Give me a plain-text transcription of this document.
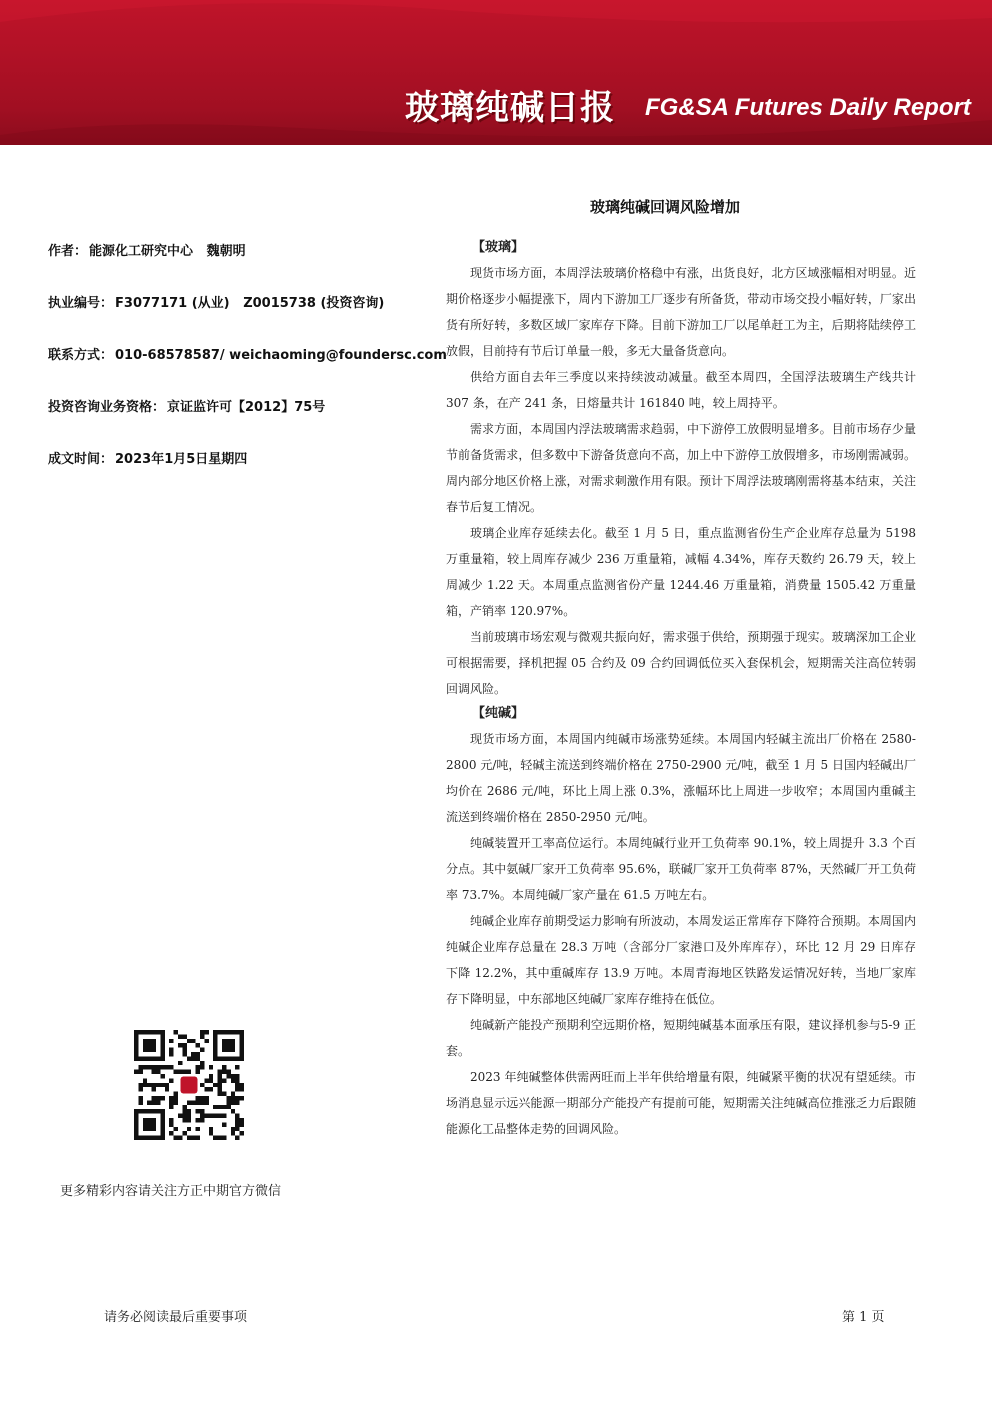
玻璃纯碱日报 FG&SA Futures Daily Report
玻璃纯碱回调风险增加
作者： 能源化工研究中心   魏朝明
执业编号： F3077171 (从业)   Z0015738 (投资咨询)
联系方式： 010-68578587/ weichaoming@foundersc.com
投资咨询业务资格： 京证监许可【2012】75号
成文时间： 2023年1月5日星期四
更多精彩内容请关注方正中期官方微信
【玻璃】

现货市场方面，本周浮法玻璃价格稳中有涨，出货良好，北方区域涨幅相对明显。近期价格逐步小幅提涨下，周内下游加工厂逐步有所备货，带动市场交投小幅好转，厂家出货有所好转，多数区域厂家库存下降。目前下游加工厂以尾单赶工为主，后期将陆续停工放假，目前持有节后订单量一般，多无大量备货意向。

供给方面自去年三季度以来持续波动减量。截至本周四，全国浮法玻璃生产线共计 307 条，在产 241 条，日熔量共计 161840 吨，较上周持平。

需求方面，本周国内浮法玻璃需求趋弱，中下游停工放假明显增多。目前市场存少量节前备货需求，但多数中下游备货意向不高，加上中下游停工放假增多，市场刚需减弱。周内部分地区价格上涨，对需求刺激作用有限。预计下周浮法玻璃刚需将基本结束，关注春节后复工情况。

玻璃企业库存延续去化。截至 1 月 5 日，重点监测省份生产企业库存总量为 5198 万重量箱，较上周库存减少 236 万重量箱，减幅 4.34%，库存天数约 26.79 天，较上周减少 1.22 天。本周重点监测省份产量 1244.46 万重量箱，消费量 1505.42 万重量箱，产销率 120.97%。

当前玻璃市场宏观与微观共振向好，需求强于供给，预期强于现实。玻璃深加工企业可根据需要，择机把握 05 合约及 09 合约回调低位买入套保机会，短期需关注高位转弱回调风险。

【纯碱】

现货市场方面，本周国内纯碱市场涨势延续。本周国内轻碱主流出厂价格在 2580-2800 元/吨，轻碱主流送到终端价格在 2750-2900 元/吨，截至 1 月 5 日国内轻碱出厂均价在 2686 元/吨，环比上周上涨 0.3%，涨幅环比上周进一步收窄；本周国内重碱主流送到终端价格在 2850-2950 元/吨。

纯碱装置开工率高位运行。本周纯碱行业开工负荷率 90.1%，较上周提升 3.3 个百分点。其中氨碱厂家开工负荷率 95.6%，联碱厂家开工负荷率 87%，天然碱厂开工负荷率 73.7%。本周纯碱厂家产量在 61.5 万吨左右。

纯碱企业库存前期受运力影响有所波动，本周发运正常库存下降符合预期。本周国内纯碱企业库存总量在 28.3 万吨（含部分厂家港口及外库库存），环比 12 月 29 日库存下降 12.2%，其中重碱库存 13.9 万吨。本周青海地区铁路发运情况好转，当地厂家库存下降明显，中东部地区纯碱厂家库存维持在低位。

纯碱新产能投产预期利空远期价格，短期纯碱基本面承压有限，建议择机参与5-9 正套。

2023 年纯碱整体供需两旺而上半年供给增量有限，纯碱紧平衡的状况有望延续。市场消息显示远兴能源一期部分产能投产有提前可能，短期需关注纯碱高位推涨乏力后跟随能源化工品整体走势的回调风险。

请务必阅读最后重要事项	第 1 页
